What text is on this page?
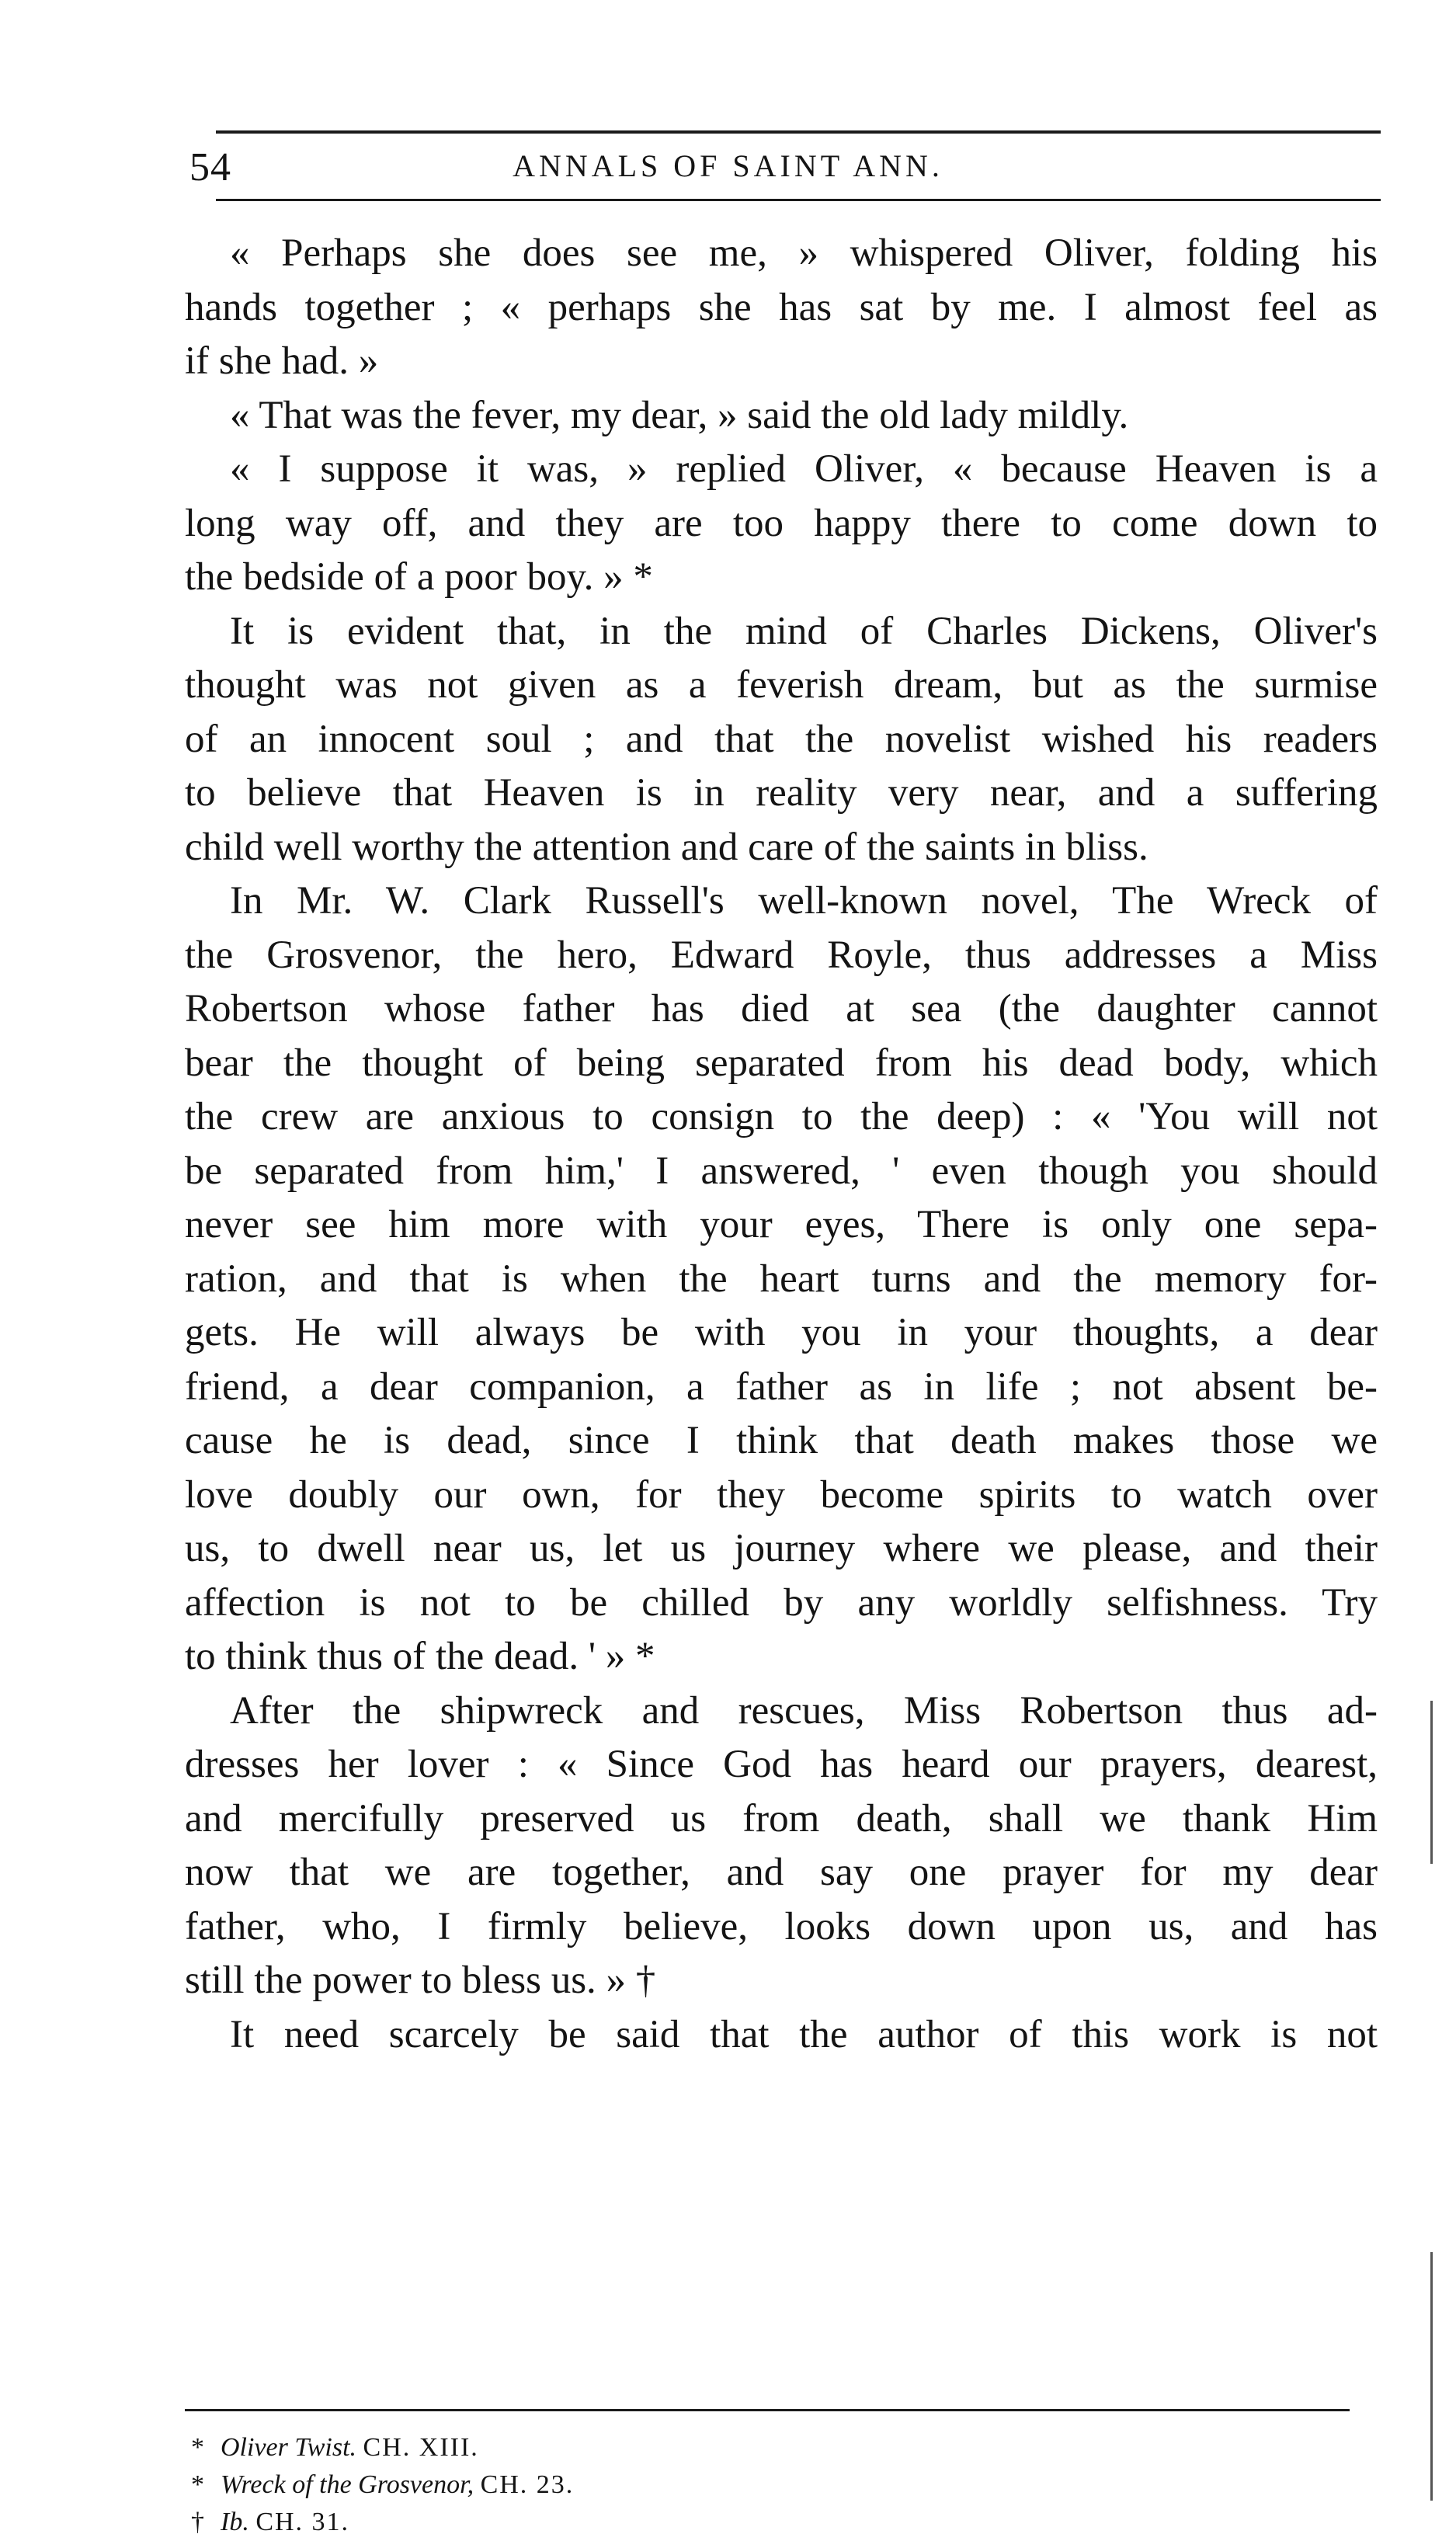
54	ANNALS OF SAINT ANN.
« Perhaps she does see me, » whispered Oliver, folding his
hands together ; « perhaps she has sat by me. I almost feel as
if she had. »
« That was the fever, my dear, » said the old lady mildly.
« I suppose it was, » replied Oliver, « because Heaven is a
long way off, and they are too happy there to come down to
the bedside of a poor boy. » *
It is evident that, in the mind of Charles Dickens, Oliver's
thought was not given as a feverish dream, but as the surmise
of an innocent soul ; and that the novelist wished his readers
to believe that Heaven is in reality very near, and a suffering
child well worthy the attention and care of the saints in bliss.
In Mr. W. Clark Russell's well-known novel, The Wreck of
the Grosvenor, the hero, Edward Royle, thus addresses a Miss
Robertson whose father has died at sea (the daughter cannot
bear the thought of being separated from his dead body, which
the crew are anxious to consign to the deep) : « 'You will not
be separated from him,' I answered, ' even though you should
never see him more with your eyes, There is only one sepa-
ration, and that is when the heart turns and the memory for-
gets. He will always be with you in your thoughts, a dear
friend, a dear companion, a father as in life ; not absent be-
cause he is dead, since I think that death makes those we
love doubly our own, for they become spirits to watch over
us, to dwell near us, let us journey where we please, and their
affection is not to be chilled by any worldly selfishness. Try
to think thus of the dead. ' » *
After the shipwreck and rescues, Miss Robertson thus ad-
dresses her lover : « Since God has heard our prayers, dearest,
and mercifully preserved us from death, shall we thank Him
now that we are together, and say one prayer for my dear
father, who, I firmly believe, looks down upon us, and has
still the power to bless us. » †
It need scarcely be said that the author of this work is not
* Oliver Twist. CH. XIII.
* Wreck of the Grosvenor, CH. 23.
† Ib. CH. 31.
